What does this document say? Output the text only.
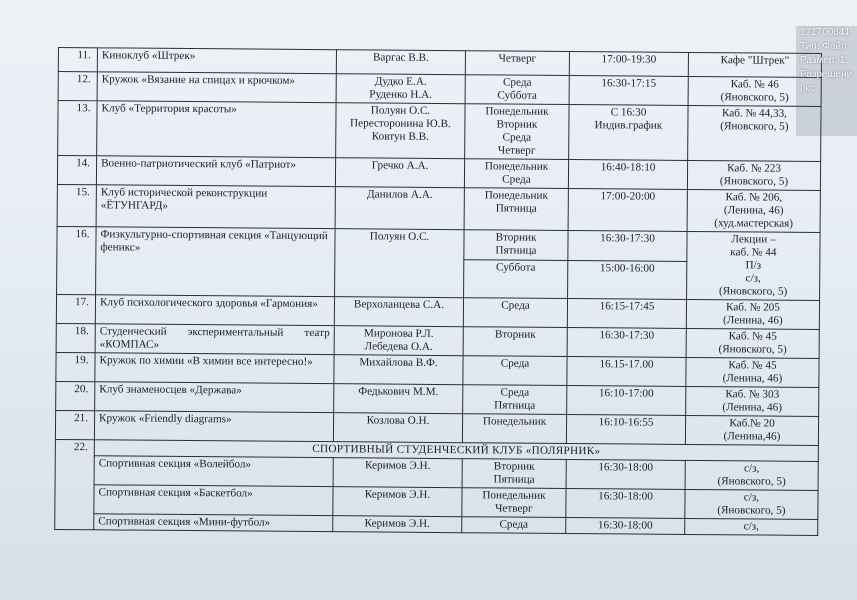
11.	Киноклуб «Штрек»	Варгас В.В.	Четверг	17:00-19:30	Кафе "Штрек"

12.	Кружок «Вязание на спицах и крючком»	Дудко Е.А.
Руденко Н.А.	Среда
Суббота	16:30-17:15	Каб. № 46
(Яновского, 5)

13.	Клуб «Территория красоты»	Полуян О.С.
Пересторонина Ю.В.
Ковтун В.В.	Понедельник
Вторник
Среда
Четверг	С 16:30
Индив.график	Каб. № 44,33,
(Яновского, 5)

14.	Военно-патриотический клуб «Патриот»	Гречко А.А.	Понедельник
Среда	16:40-18:10	Каб. № 223
(Яновского, 5)

15.	Клуб исторической реконструкции «ЁТУНГАРД»	Данилов А.А.	Понедельник
Пятница	17:00-20:00	Каб. № 206,
(Ленина, 46)
(худ.мастерская)

16.	Физкультурно-спортивная секция «Танцующий феникс»	Полуян О.С.	Вторник
Пятница	16:30-17:30	Лекции –
каб. № 44
П/з
с/з,
(Яновского, 5)

			Суббота	15:00-16:00	

17.	Клуб психологического здоровья «Гармония»	Верхоланцева С.А.	Среда	16:15-17:45	Каб. № 205
(Ленина, 46)

18.	Студенческий экспериментальный театр «КОМПАС»	Миронова Р.Л.
Лебедева О.А.	Вторник	16:30-17:30	Каб. № 45
(Яновского, 5)

19.	Кружок по химии «В химии все интересно!»	Михайлова В.Ф.	Среда	16.15-17.00	Каб. № 45
(Ленина, 46)

20.	Клуб знаменосцев «Держава»	Федькович М.М.	Среда
Пятница	16:10-17:00	Каб. № 303
(Ленина, 46)

21.	Кружок «Friendly diagrams»	Козлова О.Н.	Понедельник	16:10-16:55	Каб.№ 20
(Ленина,46)

22.	СПОРТИВНЫЙ СТУДЕНЧЕСКИЙ КЛУБ «ПОЛЯРНИК»				

	Спортивная секция «Волейбол»	Керимов Э.Н.	Вторник
Пятница	16:30-18:00	с/з,
(Яновского, 5)

	Спортивная секция «Баскетбол»	Керимов Э.Н.	Понедельник
Четверг	16:30-18:00	с/з,
(Яновского, 5)

	Спортивная секция «Мини-футбол»	Керимов Э.Н.	Среда	16:30-18:00	с/з,
171700641
Тип: Файл
Размер: 1,
Разрешени
пкс
